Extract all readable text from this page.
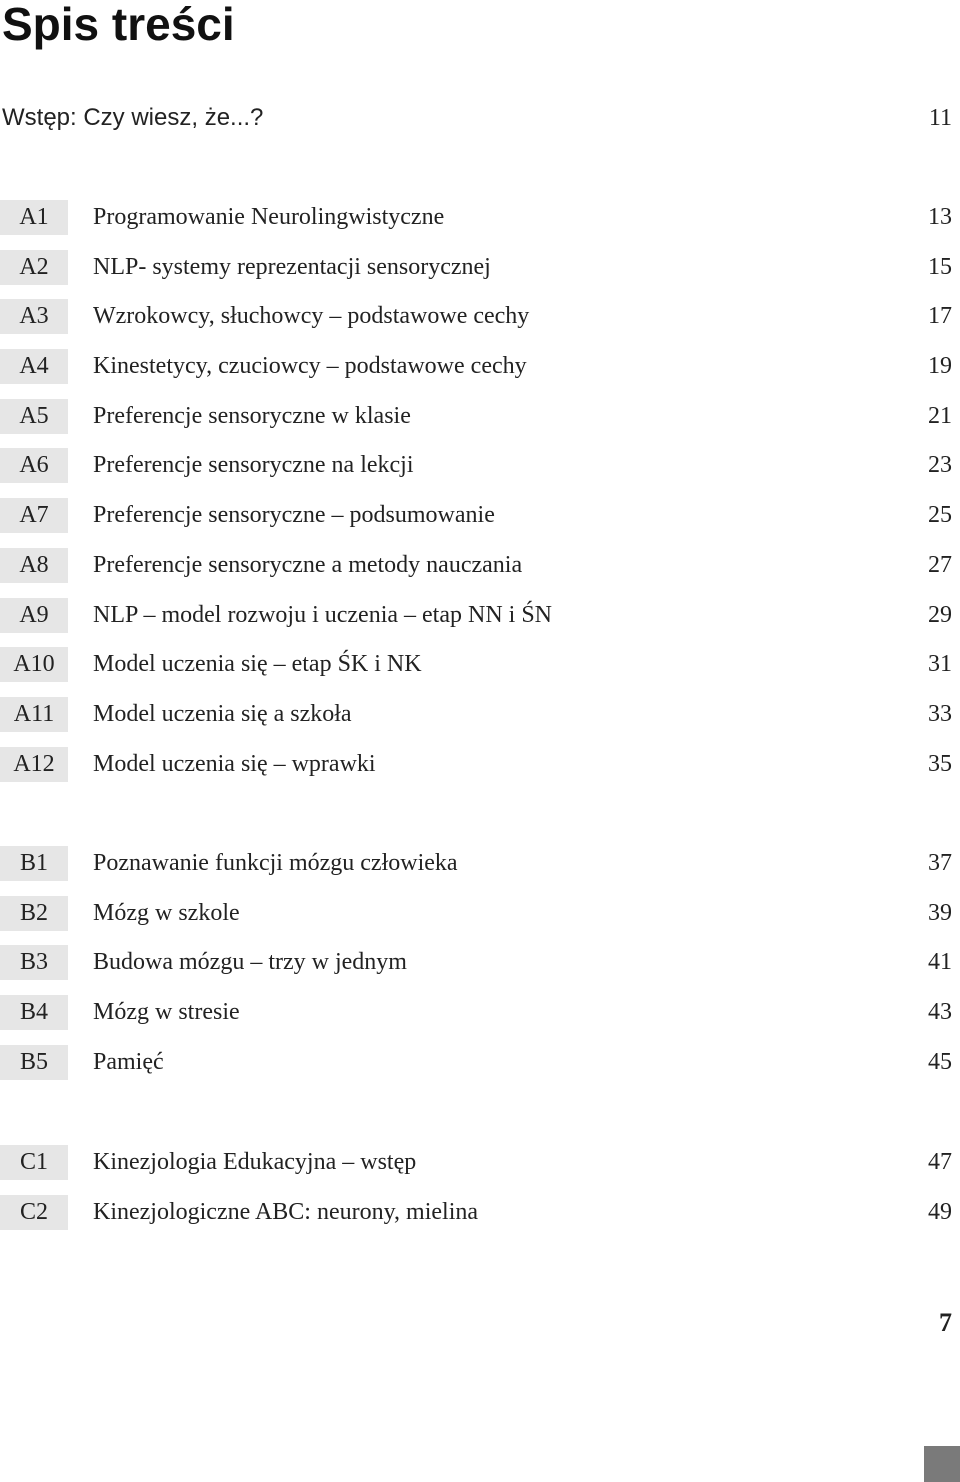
Spis treści
Wstęp: Czy wiesz, że...?	11
A1	Programowanie Neurolingwistyczne	13
A2	NLP- systemy reprezentacji sensorycznej	15
A3	Wzrokowcy, słuchowcy – podstawowe cechy	17
A4	Kinestetycy, czuciowcy – podstawowe cechy	19
A5	Preferencje sensoryczne w klasie	21
A6	Preferencje sensoryczne na lekcji	23
A7	Preferencje sensoryczne – podsumowanie	25
A8	Preferencje sensoryczne a metody nauczania	27
A9	NLP – model rozwoju i uczenia – etap NN i ŚN	29
A10	Model uczenia się – etap ŚK i NK	31
A11	Model uczenia się a szkoła	33
A12	Model uczenia się – wprawki	35
B1	Poznawanie funkcji mózgu człowieka	37
B2	Mózg w szkole	39
B3	Budowa mózgu – trzy w jednym	41
B4	Mózg w stresie	43
B5	Pamięć	45
C1	Kinezjologia Edukacyjna – wstęp	47
C2	Kinezjologiczne ABC: neurony, mielina	49
7
